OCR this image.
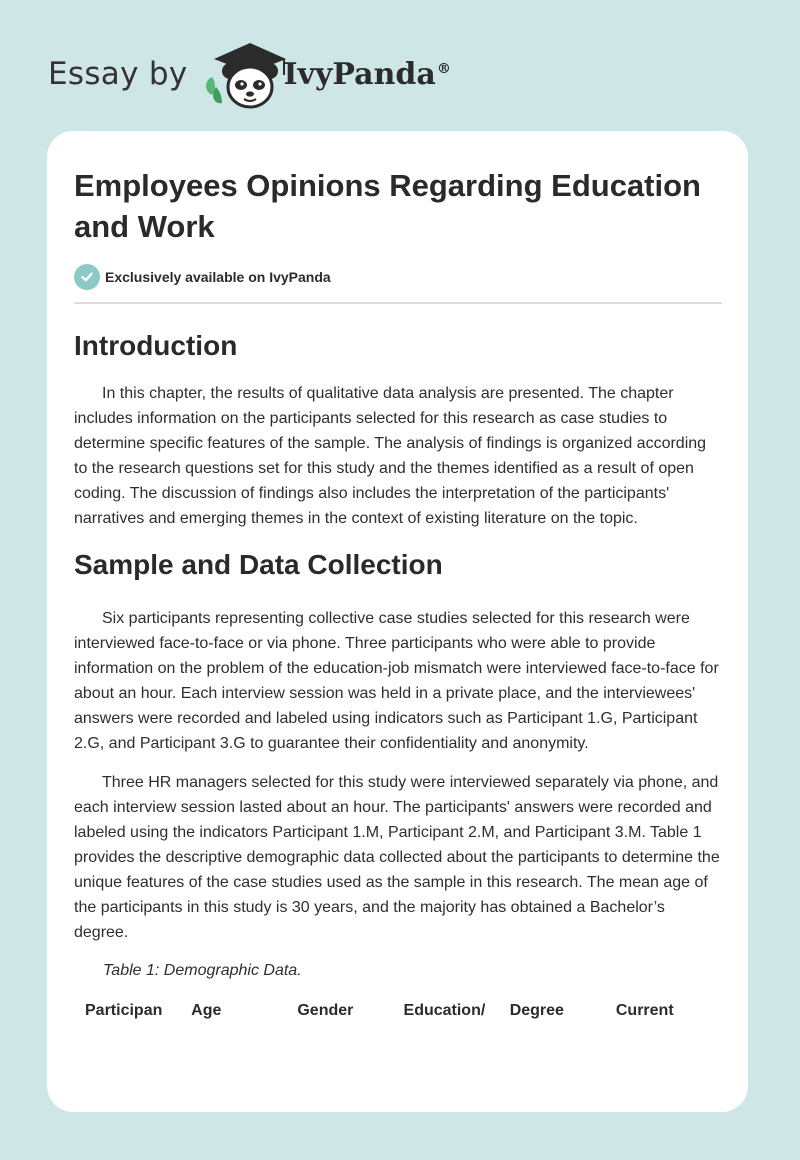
Essay by	IvyPanda®
Employees Opinions Regarding Education and Work
Exclusively available on IvyPanda
Introduction

In this chapter, the results of qualitative data analysis are presented. The chapter includes information on the participants selected for this research as case studies to determine specific features of the sample. The analysis of findings is organized according to the research questions set for this study and the themes identified as a result of open coding. The discussion of findings also includes the interpretation of the participants' narratives and emerging themes in the context of existing literature on the topic.

Sample and Data Collection

Six participants representing collective case studies selected for this research were interviewed face-to-face or via phone. Three participants who were able to provide information on the problem of the education-job mismatch were interviewed face-to-face for about an hour. Each interview session was held in a private place, and the interviewees' answers were recorded and labeled using indicators such as Participant 1.G, Participant 2.G, and Participant 3.G to guarantee their confidentiality and anonymity.

Three HR managers selected for this study were interviewed separately via phone, and each interview session lasted about an hour. The participants' answers were recorded and labeled using the indicators Participant 1.M, Participant 2.M, and Participant 3.M. Table 1 provides the descriptive demographic data collected about the participants to determine the unique features of the case studies used as the sample in this research. The mean age of the participants in this study is 30 years, and the majority has obtained a Bachelor’s degree.

Table 1: Demographic Data.
Participan	Age	Gender	Education/	Degree	Current
